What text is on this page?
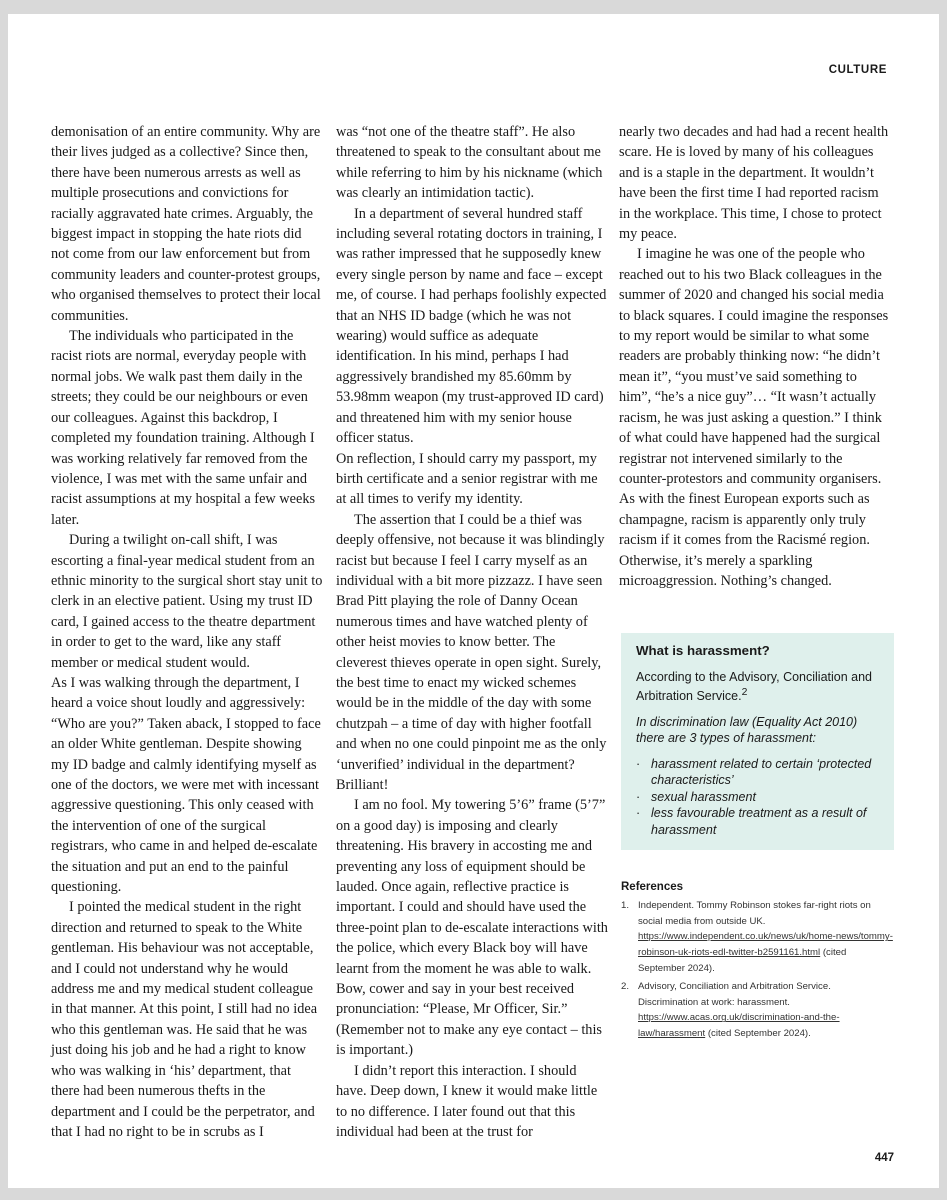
CULTURE

demonisation of an entire community. Why are their lives judged as a collective? Since then, there have been numerous arrests as well as multiple prosecutions and convictions for racially aggravated hate crimes. Arguably, the biggest impact in stopping the hate riots did not come from our law enforcement but from community leaders and counter-protest groups, who organised themselves to protect their local communities.

The individuals who participated in the racist riots are normal, everyday people with normal jobs. We walk past them daily in the streets; they could be our neighbours or even our colleagues. Against this backdrop, I completed my foundation training. Although I was working relatively far removed from the violence, I was met with the same unfair and racist assumptions at my hospital a few weeks later.

During a twilight on-call shift, I was escorting a final-year medical student from an ethnic minority to the surgical short stay unit to clerk in an elective patient. Using my trust ID card, I gained access to the theatre department in order to get to the ward, like any staff member or medical student would.

As I was walking through the department, I heard a voice shout loudly and aggressively: “Who are you?” Taken aback, I stopped to face an older White gentleman. Despite showing my ID badge and calmly identifying myself as one of the doctors, we were met with incessant aggressive questioning. This only ceased with the intervention of one of the surgical registrars, who came in and helped de-escalate the situation and put an end to the painful questioning.

I pointed the medical student in the right direction and returned to speak to the White gentleman. His behaviour was not acceptable, and I could not understand why he would address me and my medical student colleague in that manner. At this point, I still had no idea who this gentleman was. He said that he was just doing his job and he had a right to know who was walking in ‘his’ department, that there had been numerous thefts in the department and I could be the perpetrator, and that I had no right to be in scrubs as I

was “not one of the theatre staff”. He also threatened to speak to the consultant about me while referring to him by his nickname (which was clearly an intimidation tactic).

In a department of several hundred staff including several rotating doctors in training, I was rather impressed that he supposedly knew every single person by name and face – except me, of course. I had perhaps foolishly expected that an NHS ID badge (which he was not wearing) would suffice as adequate identification. In his mind, perhaps I had aggressively brandished my 85.60mm by 53.98mm weapon (my trust-approved ID card) and threatened him with my senior house officer status.

On reflection, I should carry my passport, my birth certificate and a senior registrar with me at all times to verify my identity.

The assertion that I could be a thief was deeply offensive, not because it was blindingly racist but because I feel I carry myself as an individual with a bit more pizzazz. I have seen Brad Pitt playing the role of Danny Ocean numerous times and have watched plenty of other heist movies to know better. The cleverest thieves operate in open sight. Surely, the best time to enact my wicked schemes would be in the middle of the day with some chutzpah – a time of day with higher footfall and when no one could pinpoint me as the only ‘unverified’ individual in the department? Brilliant!

I am no fool. My towering 5’6” frame (5’7” on a good day) is imposing and clearly threatening. His bravery in accosting me and preventing any loss of equipment should be lauded. Once again, reflective practice is important. I could and should have used the three-point plan to de-escalate interactions with the police, which every Black boy will have learnt from the moment he was able to walk. Bow, cower and say in your best received pronunciation: “Please, Mr Officer, Sir.” (Remember not to make any eye contact – this is important.)

I didn’t report this interaction. I should have. Deep down, I knew it would make little to no difference. I later found out that this individual had been at the trust for

nearly two decades and had had a recent health scare. He is loved by many of his colleagues and is a staple in the department. It wouldn’t have been the first time I had reported racism in the workplace. This time, I chose to protect my peace.

I imagine he was one of the people who reached out to his two Black colleagues in the summer of 2020 and changed his social media to black squares. I could imagine the responses to my report would be similar to what some readers are probably thinking now: “he didn’t mean it”, “you must’ve said something to him”, “he’s a nice guy”… “It wasn’t actually racism, he was just asking a question.” I think of what could have happened had the surgical registrar not intervened similarly to the counter-protestors and community organisers.

As with the finest European exports such as champagne, racism is apparently only truly racism if it comes from the Racismé region. Otherwise, it’s merely a sparkling microaggression. Nothing’s changed.

What is harassment?

According to the Advisory, Conciliation and Arbitration Service.$^2$

In discrimination law (Equality Act 2010) there are 3 types of harassment:

· harassment related to certain ‘protected characteristics’
· sexual harassment
· less favourable treatment as a result of harassment
References
1. Independent. Tommy Robinson stokes far-right riots on social media from outside UK. https://www.independent.co.uk/news/uk/home-news/tommy-robinson-uk-riots-edl-twitter-b2591161.html (cited September 2024).
2. Advisory, Conciliation and Arbitration Service. Discrimination at work: harassment. https://www.acas.org.uk/discrimination-and-the-law/harassment (cited September 2024).
447
